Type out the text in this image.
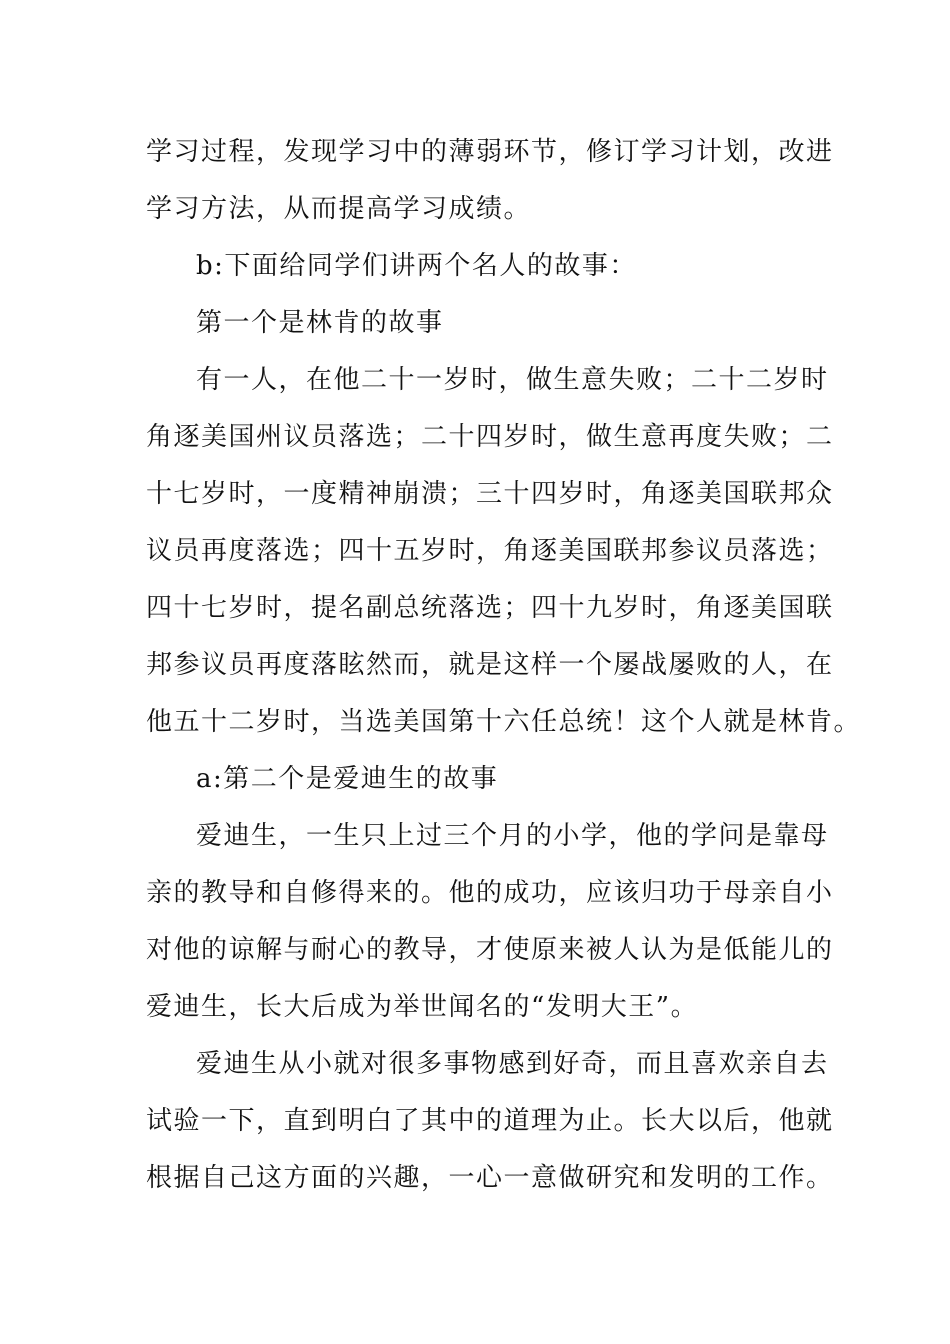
学习过程，发现学习中的薄弱环节，修订学习计划，改进
学习方法，从而提高学习成绩。
b:下面给同学们讲两个名人的故事：
第一个是林肯的故事
有一人，在他二十一岁时，做生意失败；二十二岁时
角逐美国州议员落选；二十四岁时，做生意再度失败；二
十七岁时，一度精神崩溃；三十四岁时，角逐美国联邦众
议员再度落选；四十五岁时，角逐美国联邦参议员落选；
四十七岁时，提名副总统落选；四十九岁时，角逐美国联
邦参议员再度落眩然而，就是这样一个屡战屡败的人，在
他五十二岁时，当选美国第十六任总统！这个人就是林肯。
a:第二个是爱迪生的故事
爱迪生，一生只上过三个月的小学，他的学问是靠母
亲的教导和自修得来的。他的成功，应该归功于母亲自小
对他的谅解与耐心的教导，才使原来被人认为是低能儿的
爱迪生，长大后成为举世闻名的“发明大王”。
爱迪生从小就对很多事物感到好奇，而且喜欢亲自去
试验一下，直到明白了其中的道理为止。长大以后，他就
根据自己这方面的兴趣，一心一意做研究和发明的工作。
